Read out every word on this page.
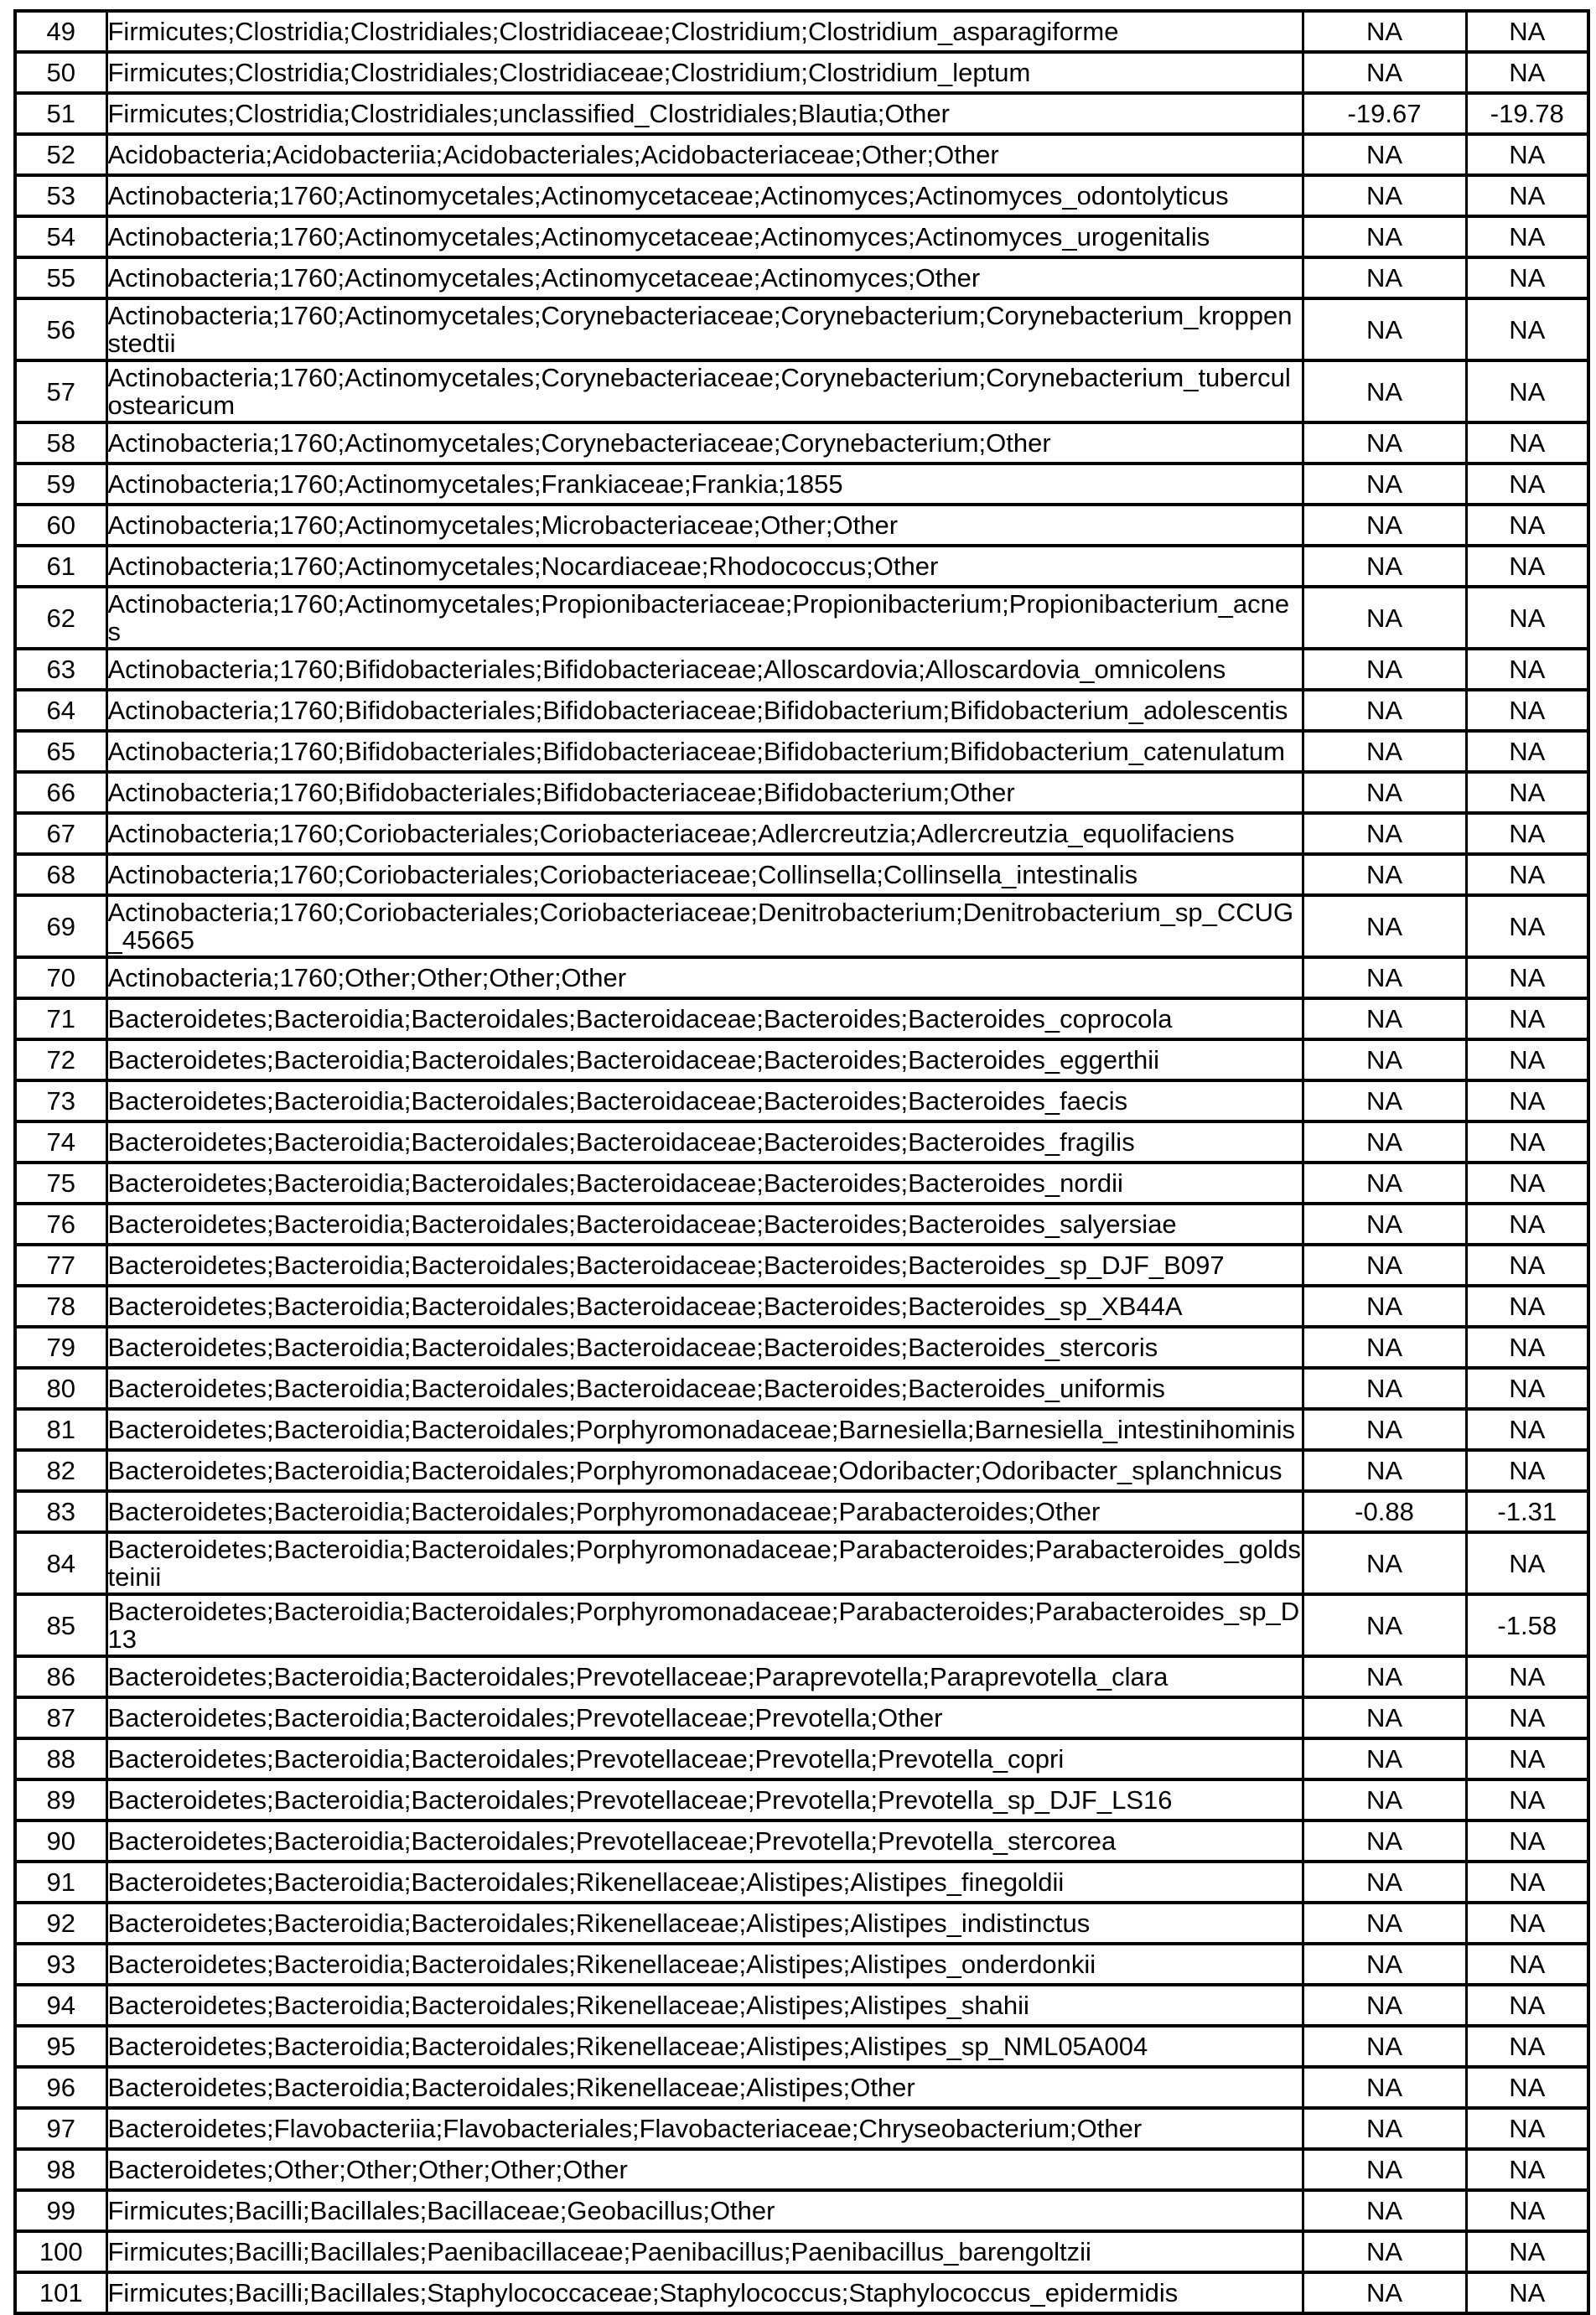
49	Firmicutes;Clostridia;Clostridiales;Clostridiaceae;Clostridium;Clostridium_asparagiforme	NA	NA
50	Firmicutes;Clostridia;Clostridiales;Clostridiaceae;Clostridium;Clostridium_leptum	NA	NA
51	Firmicutes;Clostridia;Clostridiales;unclassified_Clostridiales;Blautia;Other	-19.67	-19.78
52	Acidobacteria;Acidobacteriia;Acidobacteriales;Acidobacteriaceae;Other;Other	NA	NA
53	Actinobacteria;1760;Actinomycetales;Actinomycetaceae;Actinomyces;Actinomyces_odontolyticus	NA	NA
54	Actinobacteria;1760;Actinomycetales;Actinomycetaceae;Actinomyces;Actinomyces_urogenitalis	NA	NA
55	Actinobacteria;1760;Actinomycetales;Actinomycetaceae;Actinomyces;Other	NA	NA
56	Actinobacteria;1760;Actinomycetales;Corynebacteriaceae;Corynebacterium;Corynebacterium_kroppenstedtii	NA	NA
57	Actinobacteria;1760;Actinomycetales;Corynebacteriaceae;Corynebacterium;Corynebacterium_tuberculostearicum	NA	NA
58	Actinobacteria;1760;Actinomycetales;Corynebacteriaceae;Corynebacterium;Other	NA	NA
59	Actinobacteria;1760;Actinomycetales;Frankiaceae;Frankia;1855	NA	NA
60	Actinobacteria;1760;Actinomycetales;Microbacteriaceae;Other;Other	NA	NA
61	Actinobacteria;1760;Actinomycetales;Nocardiaceae;Rhodococcus;Other	NA	NA
62	Actinobacteria;1760;Actinomycetales;Propionibacteriaceae;Propionibacterium;Propionibacterium_acnes	NA	NA
63	Actinobacteria;1760;Bifidobacteriales;Bifidobacteriaceae;Alloscardovia;Alloscardovia_omnicolens	NA	NA
64	Actinobacteria;1760;Bifidobacteriales;Bifidobacteriaceae;Bifidobacterium;Bifidobacterium_adolescentis	NA	NA
65	Actinobacteria;1760;Bifidobacteriales;Bifidobacteriaceae;Bifidobacterium;Bifidobacterium_catenulatum	NA	NA
66	Actinobacteria;1760;Bifidobacteriales;Bifidobacteriaceae;Bifidobacterium;Other	NA	NA
67	Actinobacteria;1760;Coriobacteriales;Coriobacteriaceae;Adlercreutzia;Adlercreutzia_equolifaciens	NA	NA
68	Actinobacteria;1760;Coriobacteriales;Coriobacteriaceae;Collinsella;Collinsella_intestinalis	NA	NA
69	Actinobacteria;1760;Coriobacteriales;Coriobacteriaceae;Denitrobacterium;Denitrobacterium_sp_CCUG_45665	NA	NA
70	Actinobacteria;1760;Other;Other;Other;Other	NA	NA
71	Bacteroidetes;Bacteroidia;Bacteroidales;Bacteroidaceae;Bacteroides;Bacteroides_coprocola	NA	NA
72	Bacteroidetes;Bacteroidia;Bacteroidales;Bacteroidaceae;Bacteroides;Bacteroides_eggerthii	NA	NA
73	Bacteroidetes;Bacteroidia;Bacteroidales;Bacteroidaceae;Bacteroides;Bacteroides_faecis	NA	NA
74	Bacteroidetes;Bacteroidia;Bacteroidales;Bacteroidaceae;Bacteroides;Bacteroides_fragilis	NA	NA
75	Bacteroidetes;Bacteroidia;Bacteroidales;Bacteroidaceae;Bacteroides;Bacteroides_nordii	NA	NA
76	Bacteroidetes;Bacteroidia;Bacteroidales;Bacteroidaceae;Bacteroides;Bacteroides_salyersiae	NA	NA
77	Bacteroidetes;Bacteroidia;Bacteroidales;Bacteroidaceae;Bacteroides;Bacteroides_sp_DJF_B097	NA	NA
78	Bacteroidetes;Bacteroidia;Bacteroidales;Bacteroidaceae;Bacteroides;Bacteroides_sp_XB44A	NA	NA
79	Bacteroidetes;Bacteroidia;Bacteroidales;Bacteroidaceae;Bacteroides;Bacteroides_stercoris	NA	NA
80	Bacteroidetes;Bacteroidia;Bacteroidales;Bacteroidaceae;Bacteroides;Bacteroides_uniformis	NA	NA
81	Bacteroidetes;Bacteroidia;Bacteroidales;Porphyromonadaceae;Barnesiella;Barnesiella_intestinihominis	NA	NA
82	Bacteroidetes;Bacteroidia;Bacteroidales;Porphyromonadaceae;Odoribacter;Odoribacter_splanchnicus	NA	NA
83	Bacteroidetes;Bacteroidia;Bacteroidales;Porphyromonadaceae;Parabacteroides;Other	-0.88	-1.31
84	Bacteroidetes;Bacteroidia;Bacteroidales;Porphyromonadaceae;Parabacteroides;Parabacteroides_goldsteinii	NA	NA
85	Bacteroidetes;Bacteroidia;Bacteroidales;Porphyromonadaceae;Parabacteroides;Parabacteroides_sp_D13	NA	-1.58
86	Bacteroidetes;Bacteroidia;Bacteroidales;Prevotellaceae;Paraprevotella;Paraprevotella_clara	NA	NA
87	Bacteroidetes;Bacteroidia;Bacteroidales;Prevotellaceae;Prevotella;Other	NA	NA
88	Bacteroidetes;Bacteroidia;Bacteroidales;Prevotellaceae;Prevotella;Prevotella_copri	NA	NA
89	Bacteroidetes;Bacteroidia;Bacteroidales;Prevotellaceae;Prevotella;Prevotella_sp_DJF_LS16	NA	NA
90	Bacteroidetes;Bacteroidia;Bacteroidales;Prevotellaceae;Prevotella;Prevotella_stercorea	NA	NA
91	Bacteroidetes;Bacteroidia;Bacteroidales;Rikenellaceae;Alistipes;Alistipes_finegoldii	NA	NA
92	Bacteroidetes;Bacteroidia;Bacteroidales;Rikenellaceae;Alistipes;Alistipes_indistinctus	NA	NA
93	Bacteroidetes;Bacteroidia;Bacteroidales;Rikenellaceae;Alistipes;Alistipes_onderdonkii	NA	NA
94	Bacteroidetes;Bacteroidia;Bacteroidales;Rikenellaceae;Alistipes;Alistipes_shahii	NA	NA
95	Bacteroidetes;Bacteroidia;Bacteroidales;Rikenellaceae;Alistipes;Alistipes_sp_NML05A004	NA	NA
96	Bacteroidetes;Bacteroidia;Bacteroidales;Rikenellaceae;Alistipes;Other	NA	NA
97	Bacteroidetes;Flavobacteriia;Flavobacteriales;Flavobacteriaceae;Chryseobacterium;Other	NA	NA
98	Bacteroidetes;Other;Other;Other;Other;Other	NA	NA
99	Firmicutes;Bacilli;Bacillales;Bacillaceae;Geobacillus;Other	NA	NA
100	Firmicutes;Bacilli;Bacillales;Paenibacillaceae;Paenibacillus;Paenibacillus_barengoltzii	NA	NA
101	Firmicutes;Bacilli;Bacillales;Staphylococcaceae;Staphylococcus;Staphylococcus_epidermidis	NA	NA
